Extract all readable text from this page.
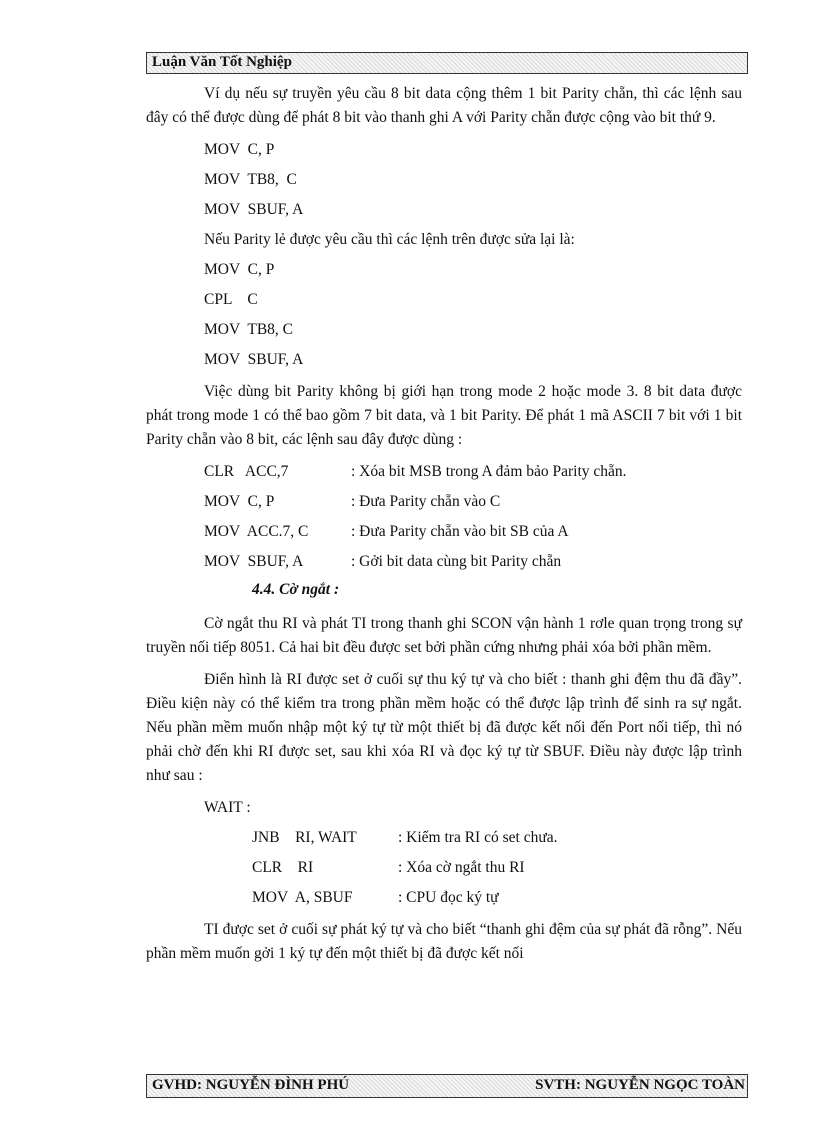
Luận Văn Tốt Nghiệp

Ví dụ nếu sự truyền yêu cầu 8 bit data cộng thêm 1 bit Parity chẵn, thì các lệnh sau đây có thể được dùng để phát 8 bit vào thanh ghi A với Parity chẵn được cộng vào bit thứ 9.

MOV  C, P
MOV  TB8,  C
MOV  SBUF, A
Nếu Parity lẻ được yêu cầu thì các lệnh trên được sửa lại là:
MOV  C, P
CPL    C
MOV  TB8, C
MOV  SBUF, A

Việc dùng bit Parity không bị giới hạn trong mode 2 hoặc mode 3. 8 bit data được phát trong mode 1 có thể bao gồm 7 bit data, và 1 bit Parity. Để phát 1 mã ASCII 7 bit với 1 bit Parity chẵn vào 8 bit, các lệnh sau đây được dùng :

CLR   ACC,7	: Xóa bit MSB trong A đảm bảo Parity chẵn.
MOV  C, P	: Đưa Parity chẵn vào C
MOV  ACC.7, C	: Đưa Parity chẵn vào bit SB của A
MOV  SBUF, A	: Gởi bit data cùng bit Parity chẵn
4.4. Cờ ngắt :

Cờ ngắt thu RI và phát TI trong thanh ghi SCON vận hành 1 rơle quan trọng trong sự truyền nối tiếp 8051. Cả hai bit đều được set bởi phần cứng nhưng phải xóa bởi phần mềm.

Điển hình là RI được set ở cuối sự thu ký tự và cho biết : thanh ghi đệm thu đã đầy”. Điều kiện này có thể kiểm tra trong phần mềm hoặc có thể được lập trình để sinh ra sự ngắt. Nếu phần mềm muốn nhập một ký tự từ một thiết bị đã được kết nối đến Port nối tiếp, thì nó phải chờ đến khi RI được set, sau khi xóa RI và đọc ký tự từ SBUF. Điều này được lập trình như sau :

WAIT :
JNB    RI, WAIT	: Kiểm tra RI có set chưa.
CLR    RI	: Xóa cờ ngắt thu RI
MOV  A, SBUF	: CPU đọc ký tự

TI được set ở cuối sự phát ký tự và cho biết “thanh ghi đệm của sự phát đã rỗng”. Nếu phần mềm muốn gởi 1 ký tự đến một thiết bị đã được kết nối

GVHD: NGUYỄN ĐÌNH PHÚ	SVTH: NGUYỄN NGỌC TOÀN
